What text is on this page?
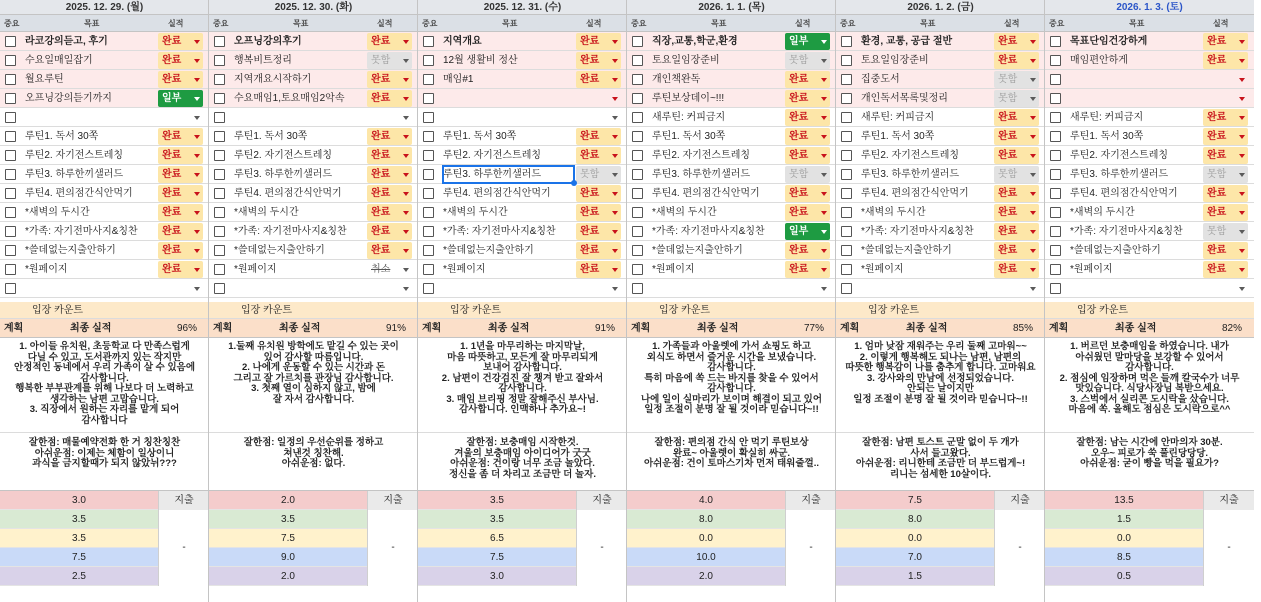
2025. 12. 29. (월)
중요	목표	실적
라코강의듣고, 후기	완료
수요일매일잡기	완료
월요루틴	완료
오프닝강의듣기까지	일부
루틴1. 독서 30쪽	완료
루틴2. 자기전스트레칭	완료
루틴3. 하루한끼샐러드	완료
루틴4. 편의점간식안먹기	완료
*새벽의 두시간	완료
*가족: 자기전마사지&칭찬	완료
*쓸데없는지출안하기	완료
*원페이지	완료
입장 카운트
계획	최종 실적	96%
1. 아이들 유치원, 초등학교 다 만족스럽게
다닐 수 있고, 도서관까지 있는 작지만
안정적인 동네에서 우리 가족이 살 수 있음에
감사합니다.
행복한 부부관계를 위해 나보다 더 노력하고
생각하는 남편 고맙습니다.
3. 직장에서 원하는 자리를 맡게 되어
감사합니다
잘한점: 매물예약전화 한 거 칭찬칭찬
아쉬운점: 이제는 체함이 일상이니
과식을 금지할때가 되지 않았뉘???
3.0
3.5
3.5
7.5
2.5
지출
-
2025. 12. 30. (화)
중요	목표	실적
오프닝강의후기	완료
행복비트정리	못함
지역개요시작하기	완료
수요매임1,토요매임2악속	완료
루틴1. 독서 30쪽	완료
루틴2. 자기전스트레칭	완료
루틴3. 하루한끼샐러드	완료
루틴4. 편의점간식안먹기	완료
*새벽의 두시간	완료
*가족: 자기전마사지&칭찬	완료
*쓸데없는지출안하기	완료
*원페이지	취소
입장 카운트
계획	최종 실적	91%
1.둘째 유치원 방학에도 맡길 수 있는 곳이
있어 감사할 따름입니다.
2. 나에게 운동할 수 있는 시간과 돈
그리고 잘 가르치를 관장님 감사합니다.
3. 첫째 열이 심하지 않고, 밤에
잘 자서 감사합니다.
잘한점: 일정의 우선순위를 정하고
쳐낸것 칭찬해.
아쉬운점: 없다.
2.0
3.5
7.5
9.0
2.0
지출
-
2025. 12. 31. (수)
중요	목표	실적
지역개요	완료
12월 생활비 정산	완료
매임#1	완료
루틴1. 독서 30쪽	완료
루틴2. 자기전스트레칭	완료
루틴3. 하루한끼샐러드	못함
루틴4. 편의점간식안먹기	완료
*새벽의 두시간	완료
*가족: 자기전마사지&칭찬	완료
*쓸데없는지출안하기	완료
*원페이지	완료
입장 카운트
계획	최종 실적	91%
1. 1년을 마무리하는 마지막날,
마음 따뜻하고, 모든게 잘 마무리되게
보내어 감사합니다.
2. 남편이 건강검진 잘 챙겨 받고 잘와서
감사합니다.
3. 매임 브리핑 정말 잘해주신 부사님.
감사합니다. 인맥하나 추가요~!
잘한점: 보충매임 시작한것.
겨울의 보충매임 아이디어가 굿굿
아쉬운점: 건이랑 너무 조금 놀았다.
정신을 좀 더 차리고 조금만 더 놀자.
3.5
3.5
6.5
7.5
3.0
지출
-
2026. 1. 1. (목)
중요	목표	실적
직장,교통,학군,환경	일부
토요일임장준비	못함
개인책완독	완료
루틴보상데이~!!!	완료
새루틴: 커피금지	완료
루틴1. 독서 30쪽	완료
루틴2. 자기전스트레칭	완료
루틴3. 하루한끼샐러드	못함
루틴4. 편의점간식안먹기	완료
*새벽의 두시간	완료
*가족: 자기전마사지&칭찬	일부
*쓸데없는지출안하기	완료
*원페이지	완료
입장 카운트
계획	최종 실적	77%
1. 가족들과 아울렛에 가서 쇼핑도 하고
외식도 하면서 즐거운 시간을 보냈습니다.
감사합니다.
특히 마음에 쏙 드는 바지를 찾을 수 있어서
감사합니다.
나에 일이 실마리가 보이며 해결이 되고 있어
일정 조절이 분명 잘 될 것이라 믿습니다~!!
잘한점: 편의점 간식 안 먹기 루틴보상
완료~ 아울렛이 확실히 싸군.
아쉬운점: 건이 토마스기차 먼저 태워줄껄..
4.0
8.0
0.0
10.0
2.0
지출
-
2026. 1. 2. (금)
중요	목표	실적
환경, 교통, 공급 절반	완료
토요일임장준비	완료
집중도서	못함
개인독서목록및정리	못함
새루틴: 커피금지	완료
루틴1. 독서 30쪽	완료
루틴2. 자기전스트레칭	완료
루틴3. 하루한끼샐러드	못함
루틴4. 편의점간식안먹기	완료
*새벽의 두시간	완료
*가족: 자기전마사지&칭찬	완료
*쓸데없는지출안하기	완료
*원페이지	완료
입장 카운트
계획	최종 실적	85%
1. 엄마 낮잠 재워주는 우리 둘째 고마워~~
2. 이렇게 행복해도 되나는 남편, 남편의
따뜻한 행복감이 나를 춤추게 합니다. 고마워요
3. 강사와의 만남에 선정되었습니다.
안되는 날이지만
일정 조절이 분명 잘 될 것이라 믿습니다~!!
잘한점: 남편 토스트 군말 없이 두 개가
사서 들고왔다.
아쉬운점: 리니한테 조금만 더 부드럽게~!
리니는 섬세한 10살이다.
7.5
8.0
0.0
7.0
1.5
지출
-
2026. 1. 3. (토)
중요	목표	실적
목표단임건강하게	완료
매임편안하게	완료
새루틴: 커피금지	완료
루틴1. 독서 30쪽	완료
루틴2. 자기전스트레칭	완료
루틴3. 하루한끼샐러드	못함
루틴4. 편의점간식안먹기	완료
*새벽의 두시간	완료
*가족: 자기전마사지&칭찬	못함
*쓸데없는지출안하기	완료
*원페이지	완료
입장 카운트
계획	최종 실적	82%
1. 버르던 보충매임을 하였습니다. 내가
아쉬웠던 말마당을 보강할 수 있어서
감사합니다.
2. 점심에 임장하며 먹은 들깨 칼국수가 너무
맛있습니다. 식당사장님 복받으세요.
3. 스벅에서 실리콘 도시락을 샀습니다.
마음에 쏙. 올해도 점심은 도시락으로^^
잘한점: 남는 시간에 안마의자 30분.
오우~ 피로가 쑥 풀린당당당.
아쉬운점: 굳이 빵을 먹을 필요가?
13.5
1.5
0.0
8.5
0.5
지출
-
